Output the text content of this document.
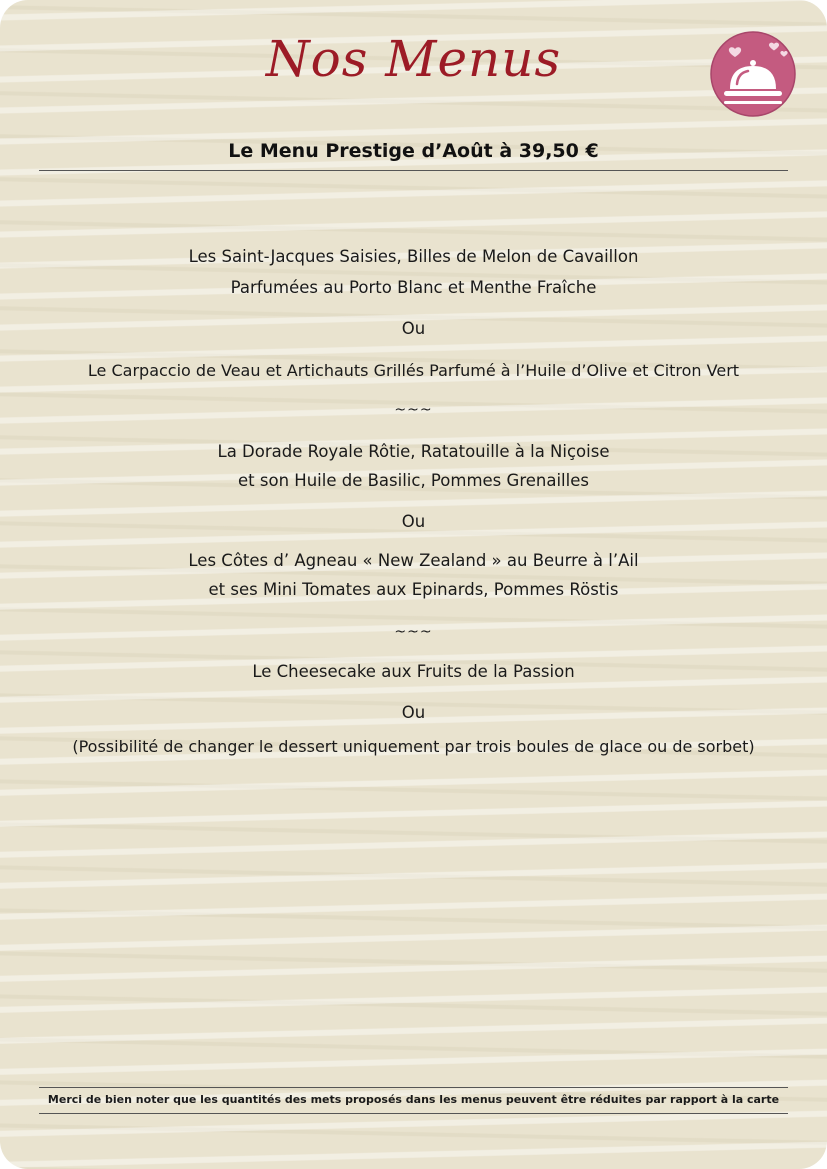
Nos Menus
Le Menu Prestige d’Août à 39,50 €
Les Saint-Jacques Saisies, Billes de Melon de Cavaillon
Parfumées au Porto Blanc et Menthe Fraîche
Ou
Le Carpaccio de Veau et Artichauts Grillés Parfumé à l’Huile d’Olive et Citron Vert
~~~
La Dorade Royale Rôtie, Ratatouille à la Niçoise
et son Huile de Basilic, Pommes Grenailles
Ou
Les Côtes d’ Agneau « New Zealand » au Beurre à l’Ail
et ses Mini Tomates aux Epinards, Pommes Röstis
~~~
Le Cheesecake aux Fruits de la Passion
Ou
(Possibilité de changer le dessert uniquement par trois boules de glace ou de sorbet)
Merci de bien noter que les quantités des mets proposés dans les menus peuvent être réduites par rapport à la carte
